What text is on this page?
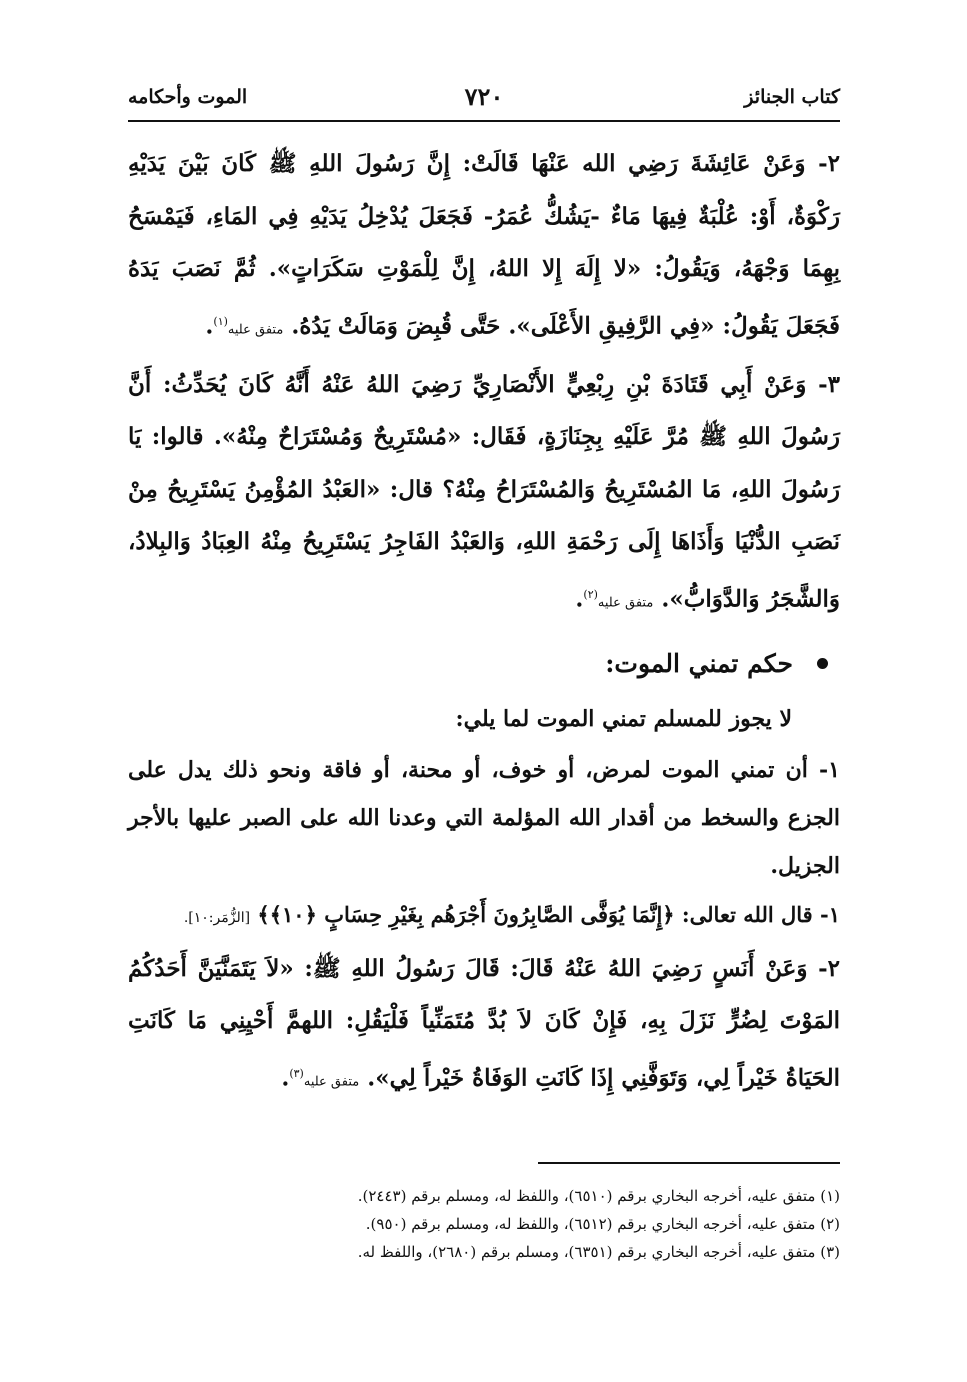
كتاب الجنائز
٧٢٠
الموت وأحكامه

٢- وَعَنْ عَائِشَةَ رَضِي الله عَنْهَا قَالَتْ: إِنَّ رَسُولَ اللهِ ﷺ كَانَ بَيْنَ يَدَيْهِ رَكْوَةٌ، أَوْ: عُلْبَةٌ فِيهَا مَاءٌ -يَشُكُّ عُمَرُ- فَجَعَلَ يُدْخِلُ يَدَيْهِ فِي المَاءِ، فَيَمْسَحُ بِهِمَا وَجْهَهُ، وَيَقُولُ: «لا إِلَهَ إِلا اللهُ، إِنَّ لِلْمَوْتِ سَكَرَاتٍ». ثُمَّ نَصَبَ يَدَهُ فَجَعَلَ يَقُولُ: «فِي الرَّفِيقِ الأَعْلَى». حَتَّى قُبِضَ وَمَالَتْ يَدُهُ. متفق عليه$^{(١)}$.

٣- وَعَنْ أَبِي قَتَادَةَ بْنِ رِبْعِيٍّ الأَنْصَارِيِّ رَضِيَ اللهُ عَنْهُ أَنَّهُ كَانَ يُحَدِّثُ: أَنَّ رَسُولَ اللهِ ﷺ مُرَّ عَلَيْهِ بِجِنَازَةٍ، فَقَال: «مُسْتَرِيحٌ وَمُسْتَرَاحٌ مِنْهُ». قالوا: يَا رَسُولَ اللهِ، مَا المُسْتَرِيحُ وَالمُسْتَرَاحُ مِنْهُ؟ قال: «العَبْدُ المُؤْمِنُ يَسْتَرِيحُ مِنْ نَصَبِ الدُّنْيَا وَأَذَاهَا إِلَى رَحْمَةِ اللهِ، وَالعَبْدُ الفَاجِرُ يَسْتَرِيحُ مِنْهُ العِبَادُ وَالبِلادُ، وَالشَّجَرُ وَالدَّوَابُّ». متفق عليه$^{(٢)}$.

حكم تمني الموت:

لا يجوز للمسلم تمني الموت لما يلي:

١- أن تمني الموت لمرض، أو خوف، أو محنة، أو فاقة ونحو ذلك يدل على الجزع والسخط من أقدار الله المؤلمة التي وعدنا الله على الصبر عليها بالأجر الجزيل.

١- قال الله تعالى: ﴿إِنَّمَا يُوَفَّى الصَّابِرُونَ أَجْرَهُم بِغَيْرِ حِسَابٍ ﴿١٠﴾﴾ [الزُّمَر:١٠].

٢- وَعَنْ أَنَسٍ رَضِيَ اللهُ عَنْهُ قَالَ: قَالَ رَسُولُ اللهِ ﷺ: «لاَ يَتَمَنَّيَنَّ أَحَدُكُمُ المَوْتَ لِضُرٍّ نَزَلَ بِهِ، فَإِنْ كَانَ لاَ بُدَّ مُتَمَنِّياً فَلْيَقُلِ: اللهمَّ أَحْيِنِي مَا كَانَتِ الحَيَاةُ خَيْراً لِي، وَتَوَفَّنِي إِذَا كَانَتِ الوَفَاةُ خَيْراً لِي». متفق عليه$^{(٣)}$.

(١) متفق عليه، أخرجه البخاري برقم (٦٥١٠)، واللفظ له، ومسلم برقم (٢٤٤٣).

(٢) متفق عليه، أخرجه البخاري برقم (٦٥١٢)، واللفظ له، ومسلم برقم (٩٥٠).

(٣) متفق عليه، أخرجه البخاري برقم (٦٣٥١)، ومسلم برقم (٢٦٨٠)، واللفظ له.
